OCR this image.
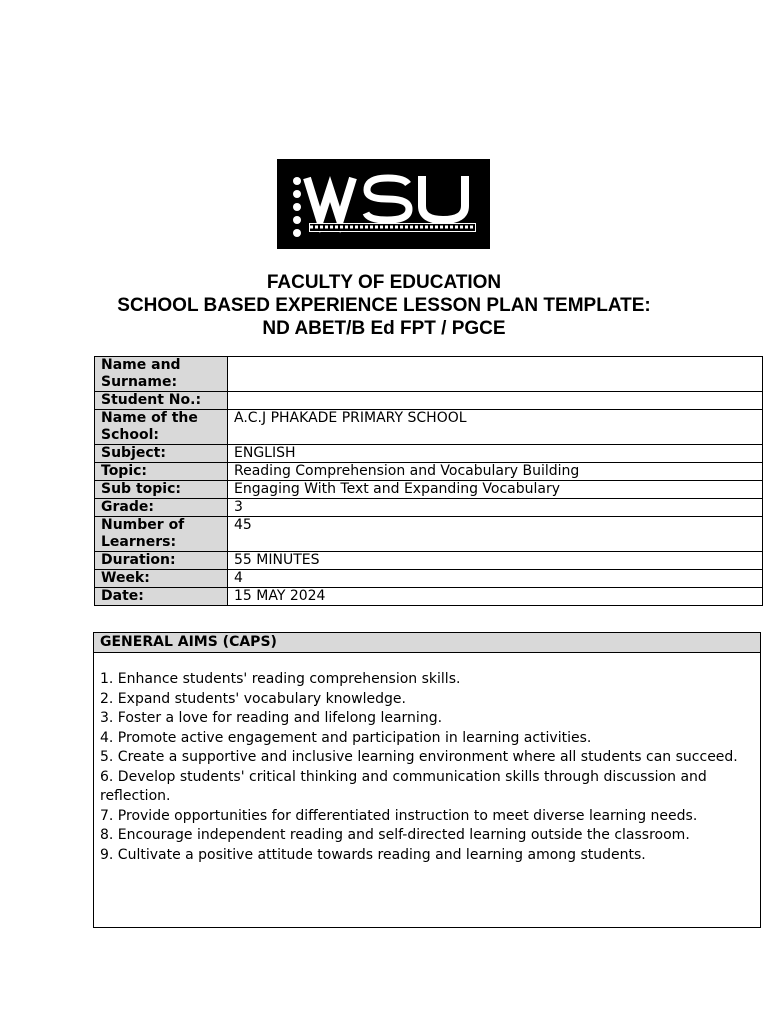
FACULTY OF EDUCATION
SCHOOL BASED EXPERIENCE LESSON PLAN TEMPLATE:
ND ABET/B Ed FPT / PGCE
Name and Surname:	
Student No.:	
Name of the School:	A.C.J PHAKADE PRIMARY SCHOOL
Subject:	ENGLISH
Topic:	Reading Comprehension and Vocabulary Building
Sub topic:	Engaging With Text and Expanding Vocabulary
Grade:	3
Number of Learners:	45
Duration:	55 MINUTES
Week:	4
Date:	15 MAY 2024
GENERAL AIMS (CAPS)
1. Enhance students' reading comprehension skills.
2. Expand students' vocabulary knowledge.
3. Foster a love for reading and lifelong learning.
4. Promote active engagement and participation in learning activities.
5. Create a supportive and inclusive learning environment where all students can succeed.
6. Develop students' critical thinking and communication skills through discussion and reflection.
7. Provide opportunities for differentiated instruction to meet diverse learning needs.
8. Encourage independent reading and self-directed learning outside the classroom.
9. Cultivate a positive attitude towards reading and learning among students.
